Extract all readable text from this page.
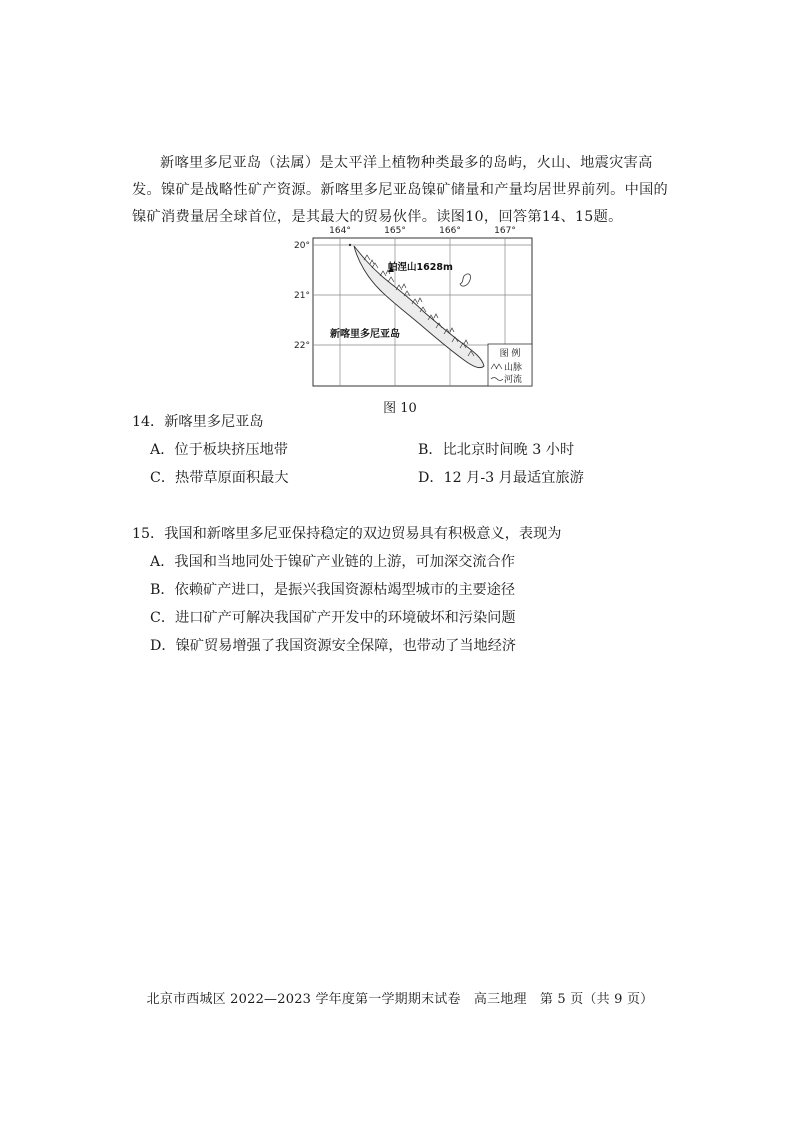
新喀里多尼亚岛（法属）是太平洋上植物种类最多的岛屿，火山、地震灾害高发。镍矿是战略性矿产资源。新喀里多尼亚岛镍矿储量和产量均居世界前列。中国的镍矿消费量居全球首位，是其最大的贸易伙伴。读图10，回答第14、15题。

164°	165°	166°	167°
20°
21°
22°
帕涅山1628m
新喀里多尼亚岛
图 例
山脉
河流
图 10

14．新喀里多尼亚岛

A．位于板块挤压地带	B．比北京时间晚 3 小时
C．热带草原面积最大	D．12 月-3 月最适宜旅游

15．我国和新喀里多尼亚保持稳定的双边贸易具有积极意义，表现为

A．我国和当地同处于镍矿产业链的上游，可加深交流合作
B．依赖矿产进口，是振兴我国资源枯竭型城市的主要途径
C．进口矿产可解决我国矿产开发中的环境破坏和污染问题
D．镍矿贸易增强了我国资源安全保障，也带动了当地经济
北京市西城区 2022—2023 学年度第一学期期末试卷　高三地理　第 5 页（共 9 页）
